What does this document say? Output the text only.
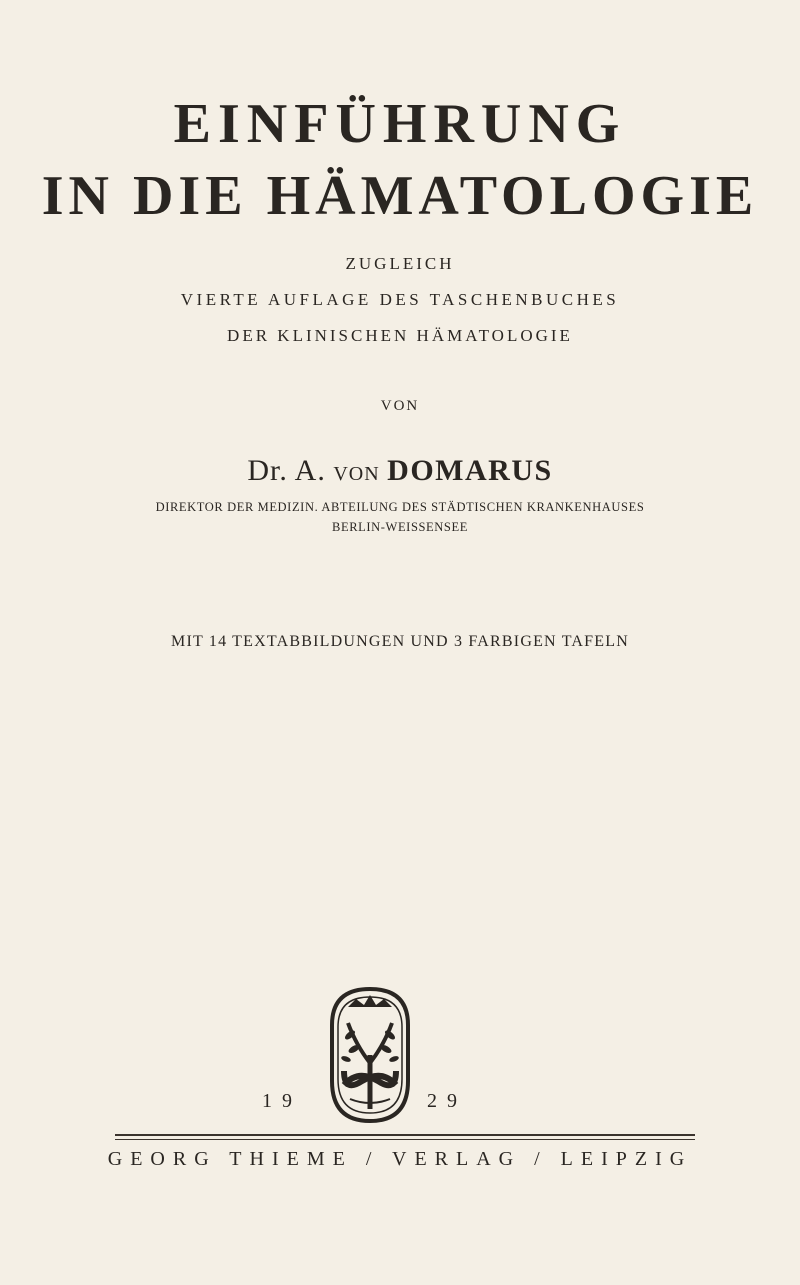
EINFÜHRUNG
IN DIE HÄMATOLOGIE
ZUGLEICH
VIERTE AUFLAGE DES TASCHENBUCHES
DER KLINISCHEN HÄMATOLOGIE
VON
Dr. A. VON DOMARUS
DIREKTOR DER MEDIZIN. ABTEILUNG DES STÄDTISCHEN KRANKENHAUSES
BERLIN-WEISSENSEE
MIT 14 TEXTABBILDUNGEN UND 3 FARBIGEN TAFELN
19	29
GEORG THIEME / VERLAG / LEIPZIG
